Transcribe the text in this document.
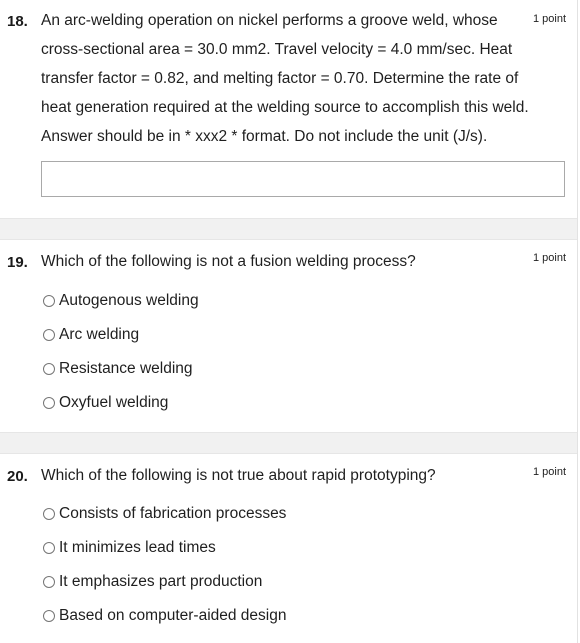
18. An arc-welding operation on nickel performs a groove weld, whose cross-sectional area = 30.0 mm2. Travel velocity = 4.0 mm/sec. Heat transfer factor = 0.82, and melting factor = 0.70. Determine the rate of heat generation required at the welding source to accomplish this weld. Answer should be in * xxx2 * format. Do not include the unit (J/s).
1 point
19. Which of the following is not a fusion welding process?	1 point
Autogenous welding
Arc welding
Resistance welding
Oxyfuel welding
20. Which of the following is not true about rapid prototyping?	1 point
Consists of fabrication processes
It minimizes lead times
It emphasizes part production
Based on computer-aided design
